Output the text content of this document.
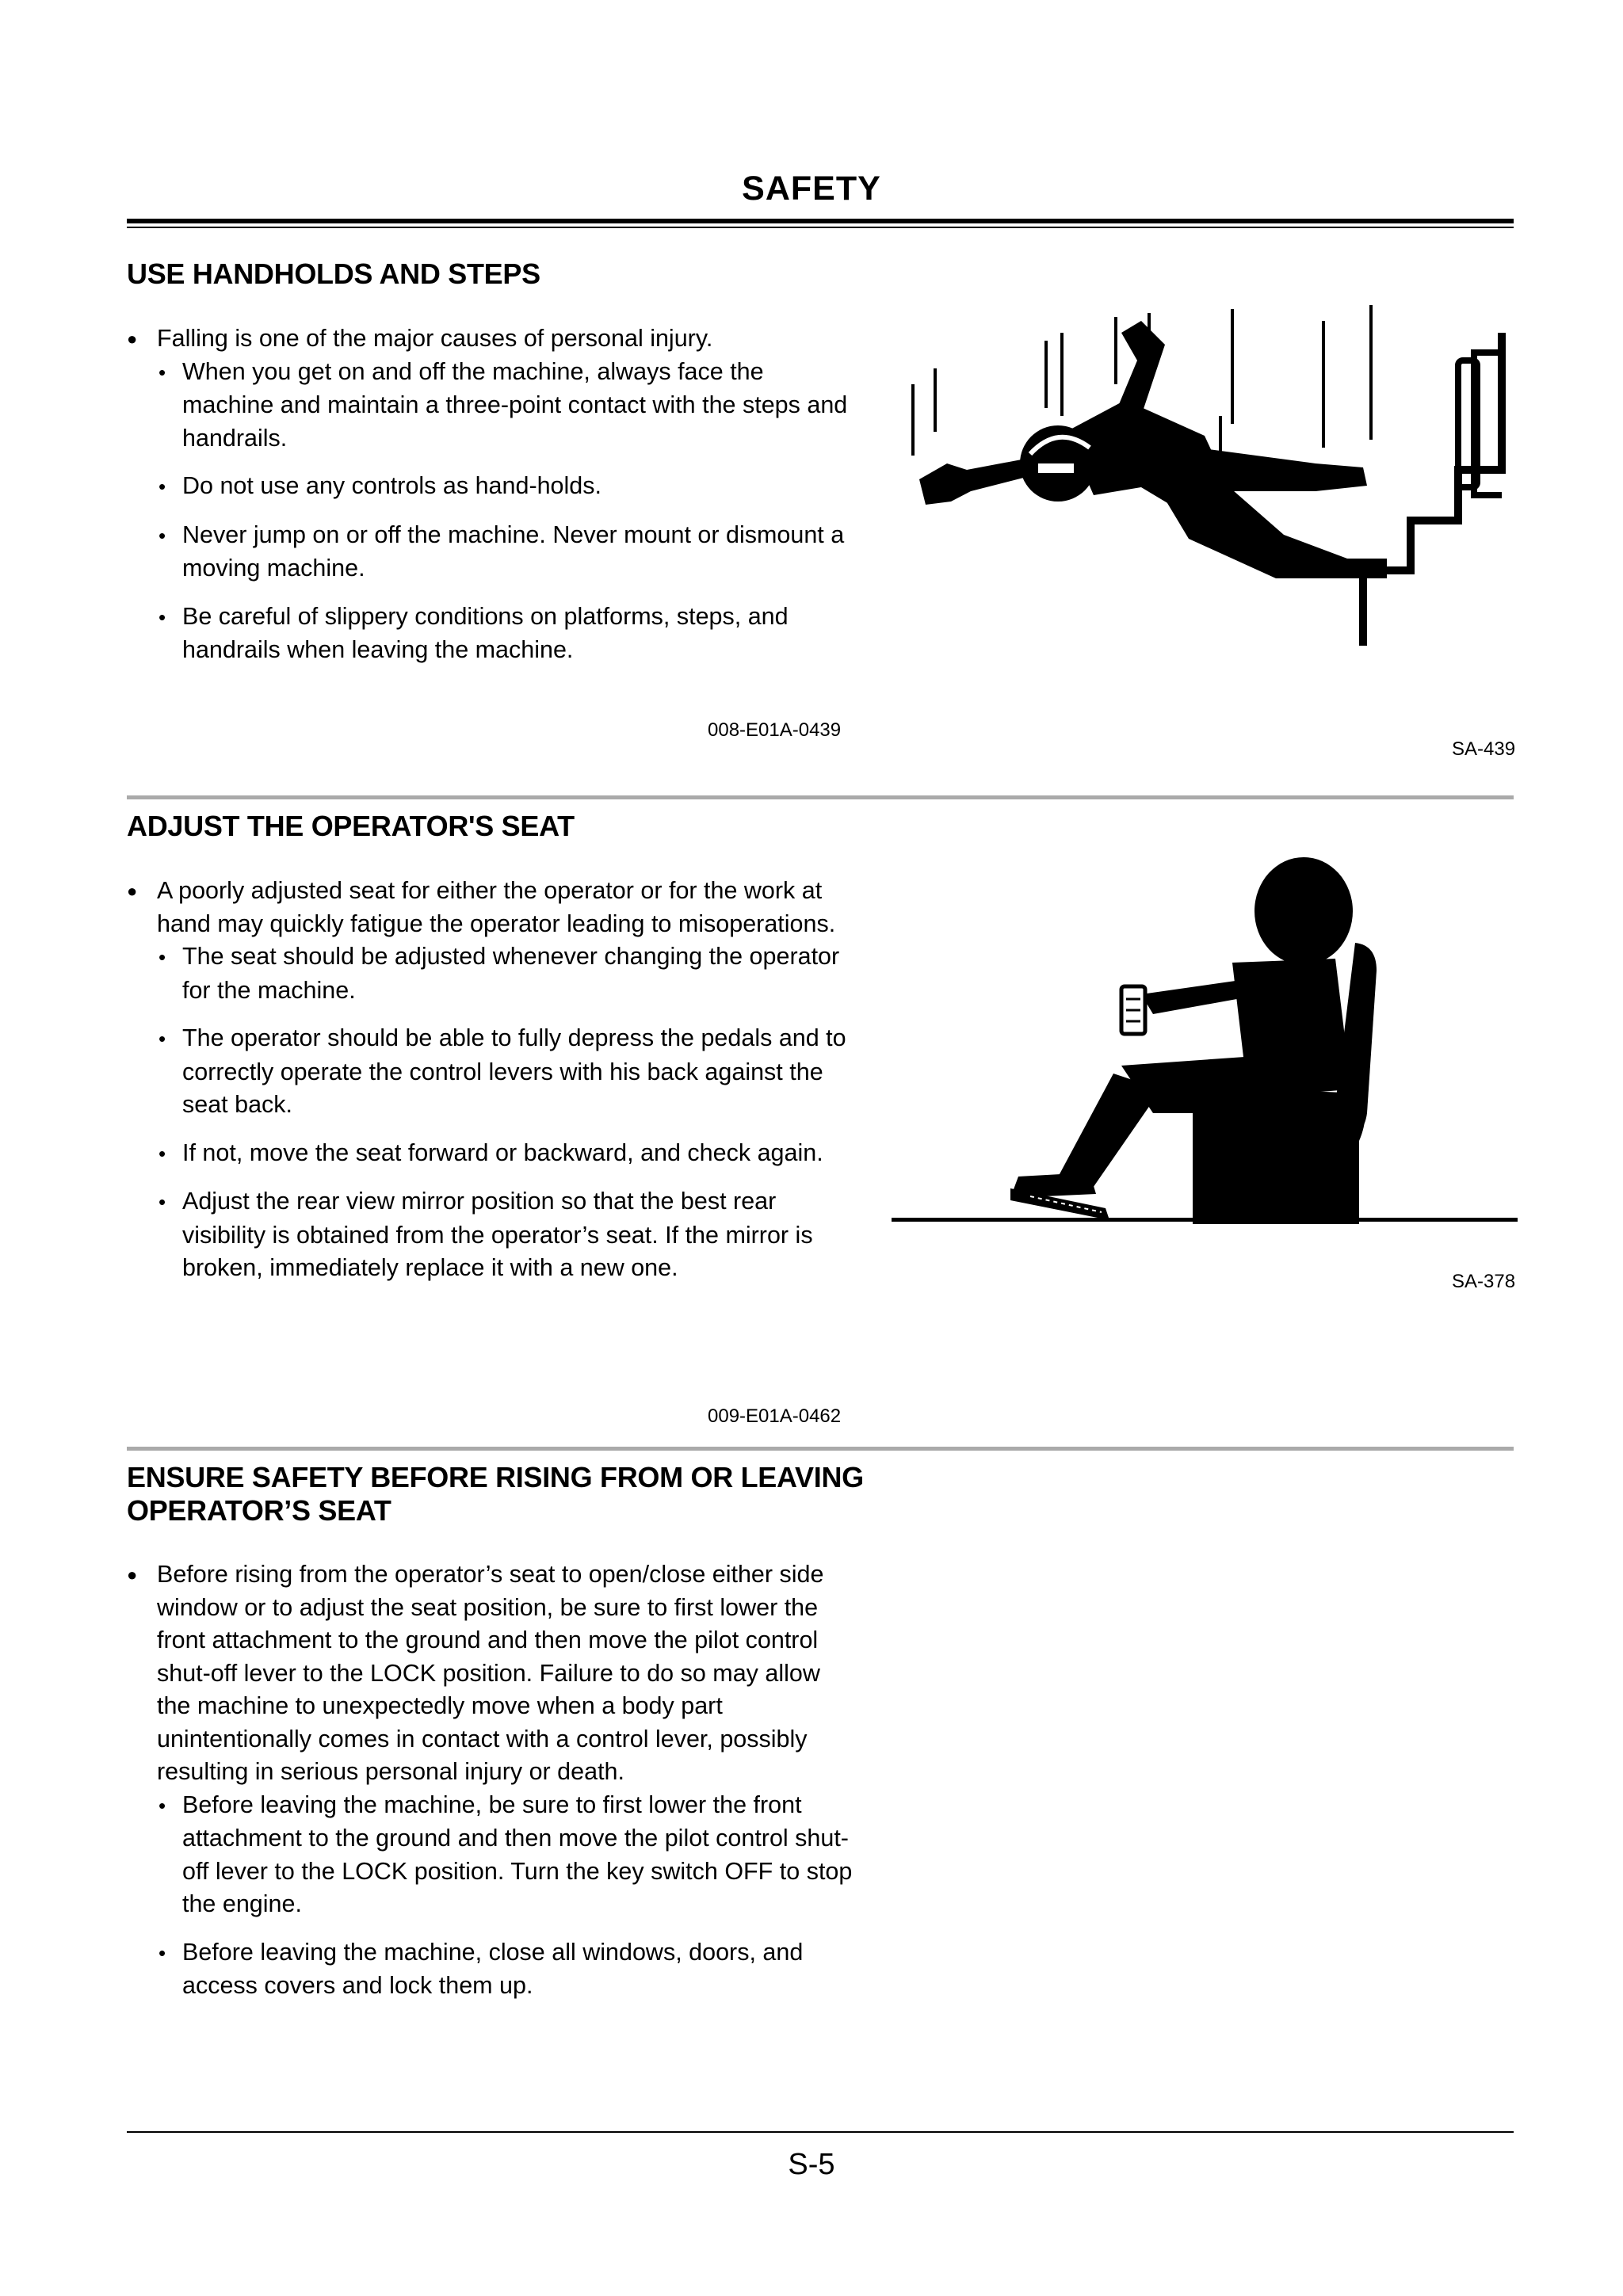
SAFETY
USE HANDHOLDS AND STEPS
● Falling is one of the major causes of personal injury.
• When you get on and off the machine, always face the machine and maintain a three-point contact with the steps and handrails.
• Do not use any controls as hand-holds.
• Never jump on or off the machine. Never mount or dismount a moving machine.
• Be careful of slippery conditions on platforms, steps, and handrails when leaving the machine.
008-E01A-0439
SA-439
ADJUST THE OPERATOR'S SEAT
● A poorly adjusted seat for either the operator or for the work at hand may quickly fatigue the operator leading to misoperations.
• The seat should be adjusted whenever changing the operator for the machine.
• The operator should be able to fully depress the pedals and to correctly operate the control levers with his back against the seat back.
• If not, move the seat forward or backward, and check again.
• Adjust the rear view mirror position so that the best rear visibility is obtained from the operator’s seat. If the mirror is broken, immediately replace it with a new one.
009-E01A-0462
SA-378
ENSURE SAFETY BEFORE RISING FROM OR LEAVING OPERATOR’S SEAT
● Before rising from the operator’s seat to open/close either side window or to adjust the seat position, be sure to first lower the front attachment to the ground and then move the pilot control shut-off lever to the LOCK position. Failure to do so may allow the machine to unexpectedly move when a body part unintentionally comes in contact with a control lever, possibly resulting in serious personal injury or death.
• Before leaving the machine, be sure to first lower the front attachment to the ground and then move the pilot control shut-off lever to the LOCK position. Turn the key switch OFF to stop the engine.
• Before leaving the machine, close all windows, doors, and access covers and lock them up.
S-5
